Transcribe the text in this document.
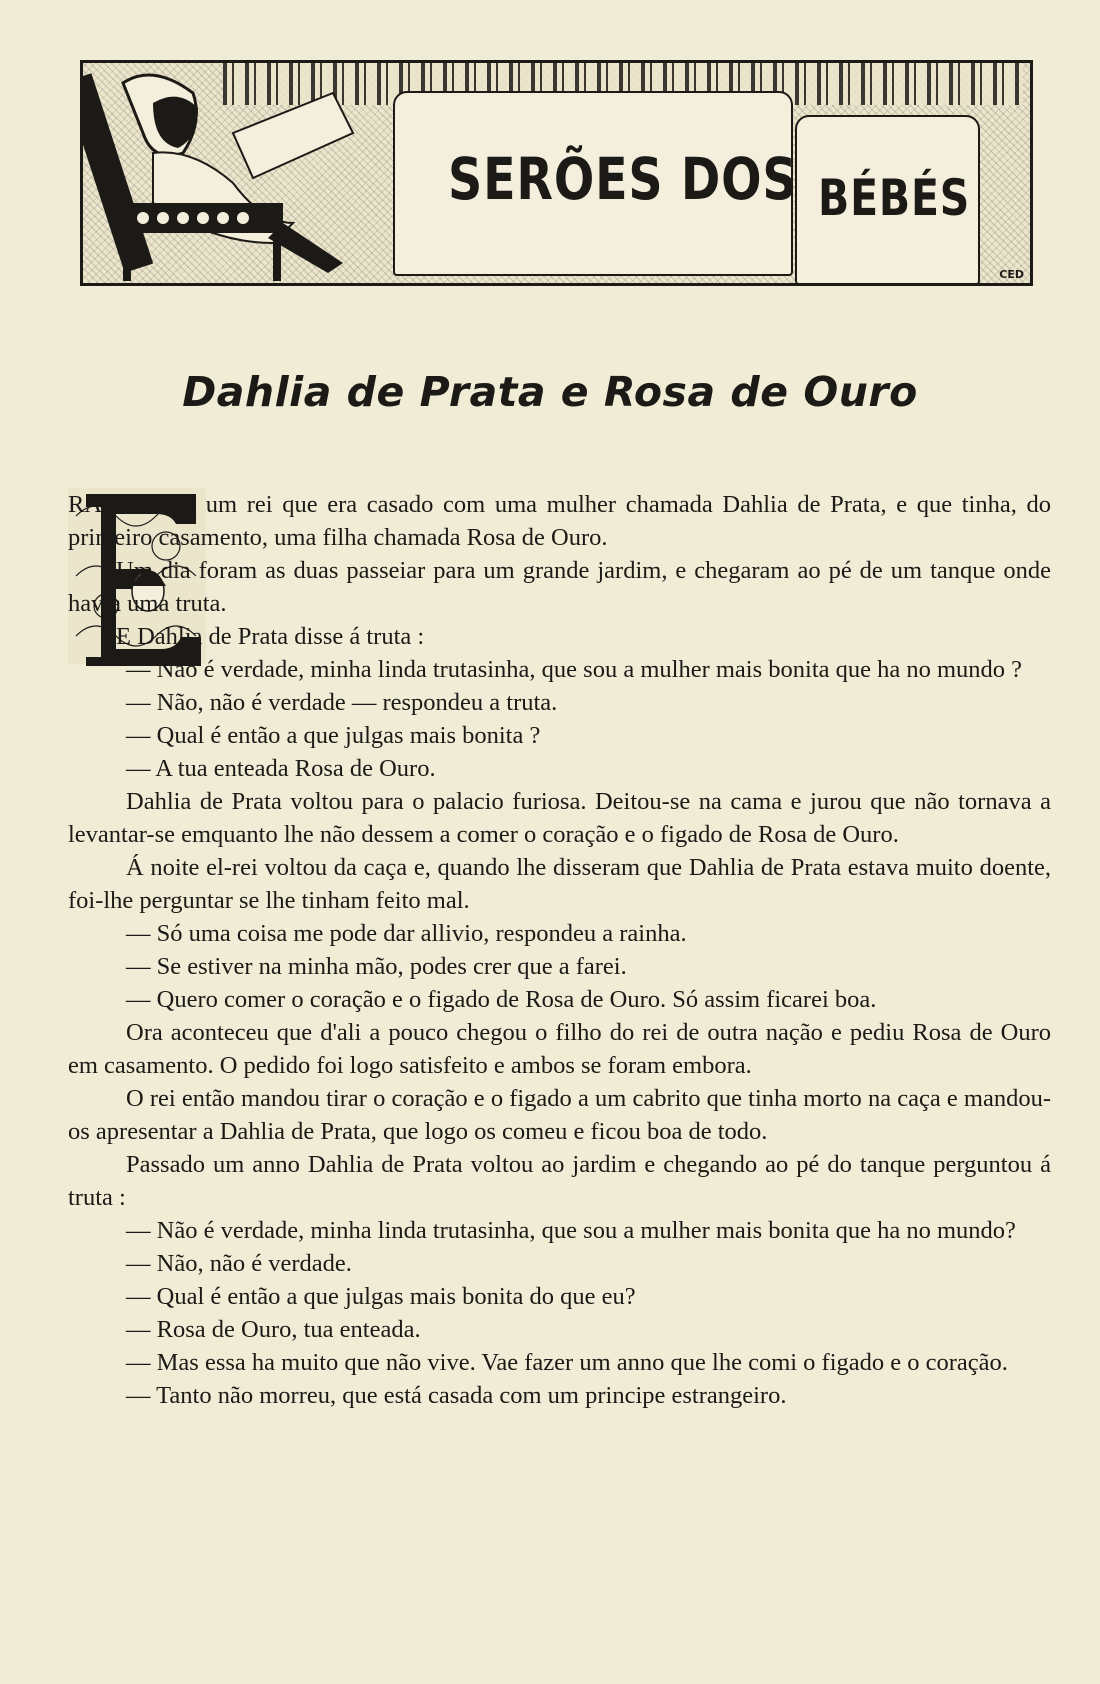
SERÕES DOS BÉBÉS
CED
Dahlia de Prata e Rosa de Ouro

RA uma vez um rei que era casado com uma mulher chamada Dahlia de Prata, e que tinha, do primeiro casamento, uma filha chamada Rosa de Ouro.

Um dia foram as duas passeiar para um grande jardim, e chegaram ao pé de um tanque onde havia uma truta.

E Dahlia de Prata disse á truta :

— Não é verdade, minha linda trutasinha, que sou a mulher mais bonita que ha no mundo ?

— Não, não é verdade — respondeu a truta.

— Qual é então a que julgas mais bonita ?

— A tua enteada Rosa de Ouro.

Dahlia de Prata voltou para o palacio furiosa. Deitou-se na cama e jurou que não tornava a levantar-se emquanto lhe não dessem a comer o coração e o figado de Rosa de Ouro.

Á noite el-rei voltou da caça e, quando lhe disseram que Dahlia de Prata estava muito doente, foi-lhe perguntar se lhe tinham feito mal.

— Só uma coisa me pode dar allivio, respondeu a rainha.

— Se estiver na minha mão, podes crer que a farei.

— Quero comer o coração e o figado de Rosa de Ouro. Só assim ficarei boa.

Ora aconteceu que d'ali a pouco chegou o filho do rei de outra nação e pediu Rosa de Ouro em casamento. O pedido foi logo satisfeito e ambos se foram embora.

O rei então mandou tirar o coração e o figado a um cabrito que tinha morto na caça e mandou-os apresentar a Dahlia de Prata, que logo os comeu e ficou boa de todo.

Passado um anno Dahlia de Prata voltou ao jardim e chegando ao pé do tanque perguntou á truta :

— Não é verdade, minha linda trutasinha, que sou a mulher mais bonita que ha no mundo?

— Não, não é verdade.

— Qual é então a que julgas mais bonita do que eu?

— Rosa de Ouro, tua enteada.

— Mas essa ha muito que não vive. Vae fazer um anno que lhe comi o figado e o coração.

— Tanto não morreu, que está casada com um principe estrangeiro.
